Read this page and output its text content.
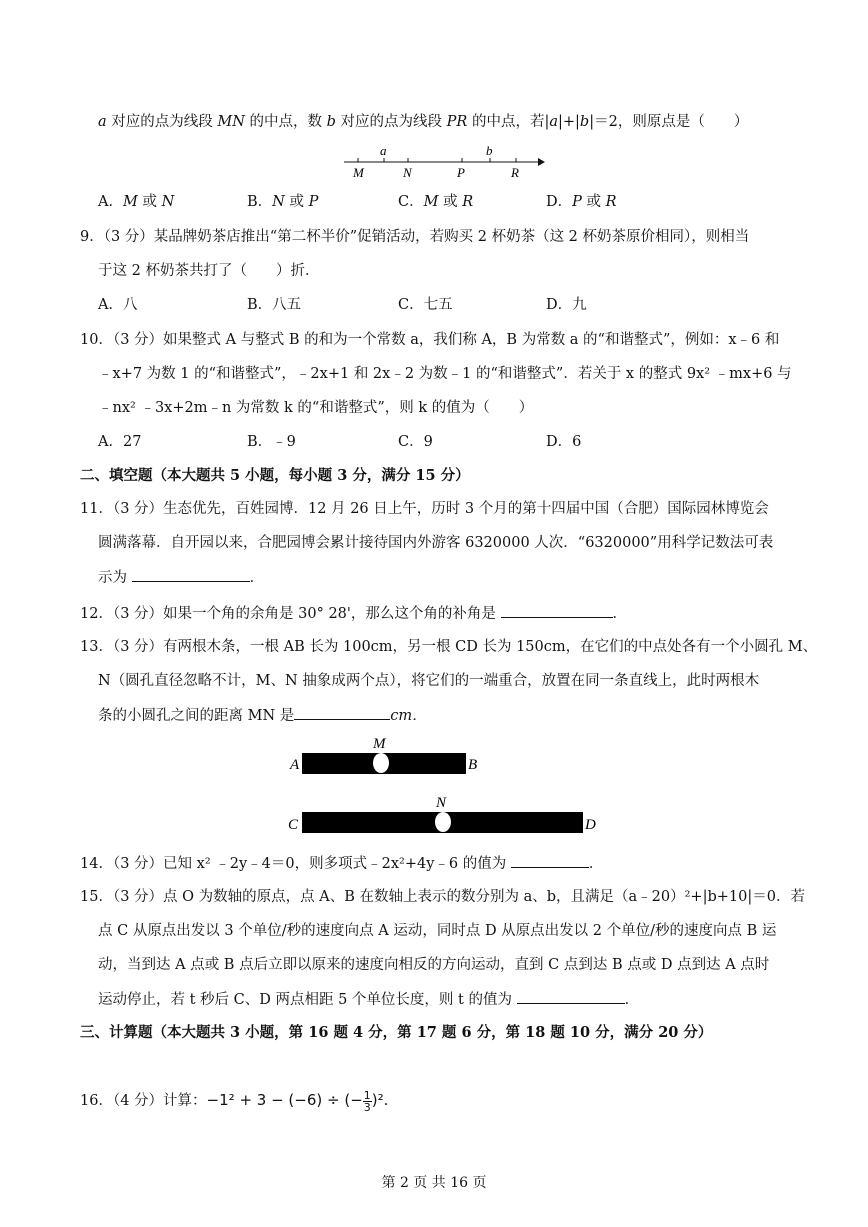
a 对应的点为线段 MN 的中点，数 b 对应的点为线段 PR 的中点，若|a|+|b|＝2，则原点是（　　）
a	b
M	N	P	R
A．M 或 N	B．N 或 P	C．M 或 R	D．P 或 R
9．（3 分）某品牌奶茶店推出“第二杯半价”促销活动，若购买 2 杯奶茶（这 2 杯奶茶原价相同），则相当
于这 2 杯奶茶共打了（　　）折．
A．八	B．八五	C．七五	D．九
10．（3 分）如果整式 A 与整式 B 的和为一个常数 a，我们称 A，B 为常数 a 的“和谐整式”，例如：x﹣6 和
﹣x+7 为数 1 的“和谐整式”，﹣2x+1 和 2x﹣2 为数﹣1 的“和谐整式”．若关于 x 的整式 9x² ﹣mx+6 与
﹣nx² ﹣3x+2m﹣n 为常数 k 的“和谐整式”，则 k 的值为（　　）
A．27	B．﹣9	C．9	D．6
二、填空题（本大题共 5 小题，每小题 3 分，满分 15 分）
11．（3 分）生态优先，百姓园博．12 月 26 日上午，历时 3 个月的第十四届中国（合肥）国际园林博览会
圆满落幕．自开园以来，合肥园博会累计接待国内外游客 6320000 人次．“6320000”用科学记数法可表
示为	．
12．（3 分）如果一个角的余角是 30° 28'，那么这个角的补角是	．
13．（3 分）有两根木条，一根 AB 长为 100cm，另一根 CD 长为 150cm，在它们的中点处各有一个小圆孔 M、
N（圆孔直径忽略不计，M、N 抽象成两个点），将它们的一端重合，放置在同一条直线上，此时两根木
条的小圆孔之间的距离 MN 是	cm．
A
M
B
C
N
D
14．（3 分）已知 x² ﹣2y﹣4＝0，则多项式﹣2x²+4y﹣6 的值为	．
15．（3 分）点 O 为数轴的原点，点 A、B 在数轴上表示的数分别为 a、b，且满足（a﹣20）²+|b+10|＝0．若
点 C 从原点出发以 3 个单位/秒的速度向点 A 运动，同时点 D 从原点出发以 2 个单位/秒的速度向点 B 运
动，当到达 A 点或 B 点后立即以原来的速度向相反的方向运动，直到 C 点到达 B 点或 D 点到达 A 点时
运动停止，若 t 秒后 C、D 两点相距 5 个单位长度，则 t 的值为	．
三、计算题（本大题共 3 小题，第 16 题 4 分，第 17 题 6 分，第 18 题 10 分，满分 20 分）
16．（4 分）计算：−1² + 3 − (−6) ÷ (− $\frac{1}{3} )^2$.
第 2 页 共 16 页
